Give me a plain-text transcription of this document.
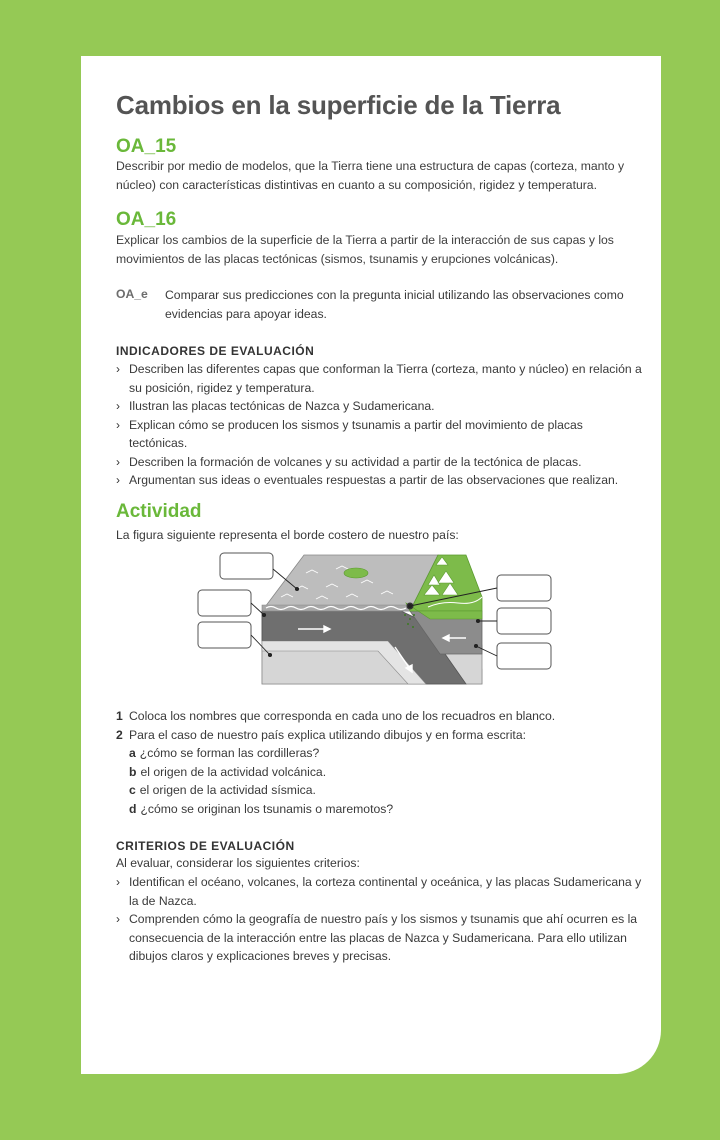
Cambios en la superficie de la Tierra
OA_15

Describir por medio de modelos, que la Tierra tiene una estructura de capas (corteza, manto y núcleo) con características distintivas en cuanto a su composición, rigidez y temperatura.

OA_16

Explicar los cambios de la superficie de la Tierra a partir de la interacción de sus capas y los movimientos de las placas tectónicas (sismos, tsunamis y erupciones volcánicas).

OA_e Comparar sus predicciones con la pregunta inicial utilizando las observaciones como evidencias para apoyar ideas.
INDICADORES DE EVALUACIÓN
› Describen las diferentes capas que conforman la Tierra (corteza, manto y núcleo) en relación a su posición, rigidez y temperatura.
› Ilustran las placas tectónicas de Nazca y Sudamericana.
› Explican cómo se producen los sismos y tsunamis a partir del movimiento de placas tectónicas.
› Describen la formación de volcanes y su actividad a partir de la tectónica de placas.
› Argumentan sus ideas o eventuales respuestas a partir de las observaciones que realizan.
Actividad
La figura siguiente representa el borde costero de nuestro país:
1 Coloca los nombres que corresponda en cada uno de los recuadros en blanco.
2 Para el caso de nuestro país explica utilizando dibujos y en forma escrita:
a ¿cómo se forman las cordilleras?
b el origen de la actividad volcánica.
c el origen de la actividad sísmica.
d ¿cómo se originan los tsunamis o maremotos?
CRITERIOS DE EVALUACIÓN
Al evaluar, considerar los siguientes criterios:
› Identifican el océano, volcanes, la corteza continental y oceánica, y las placas Sudamericana y la de Nazca.
› Comprenden cómo la geografía de nuestro país y los sismos y tsunamis que ahí ocurren es la consecuencia de la interacción entre las placas de Nazca y Sudamericana. Para ello utilizan dibujos claros y explicaciones breves y precisas.
